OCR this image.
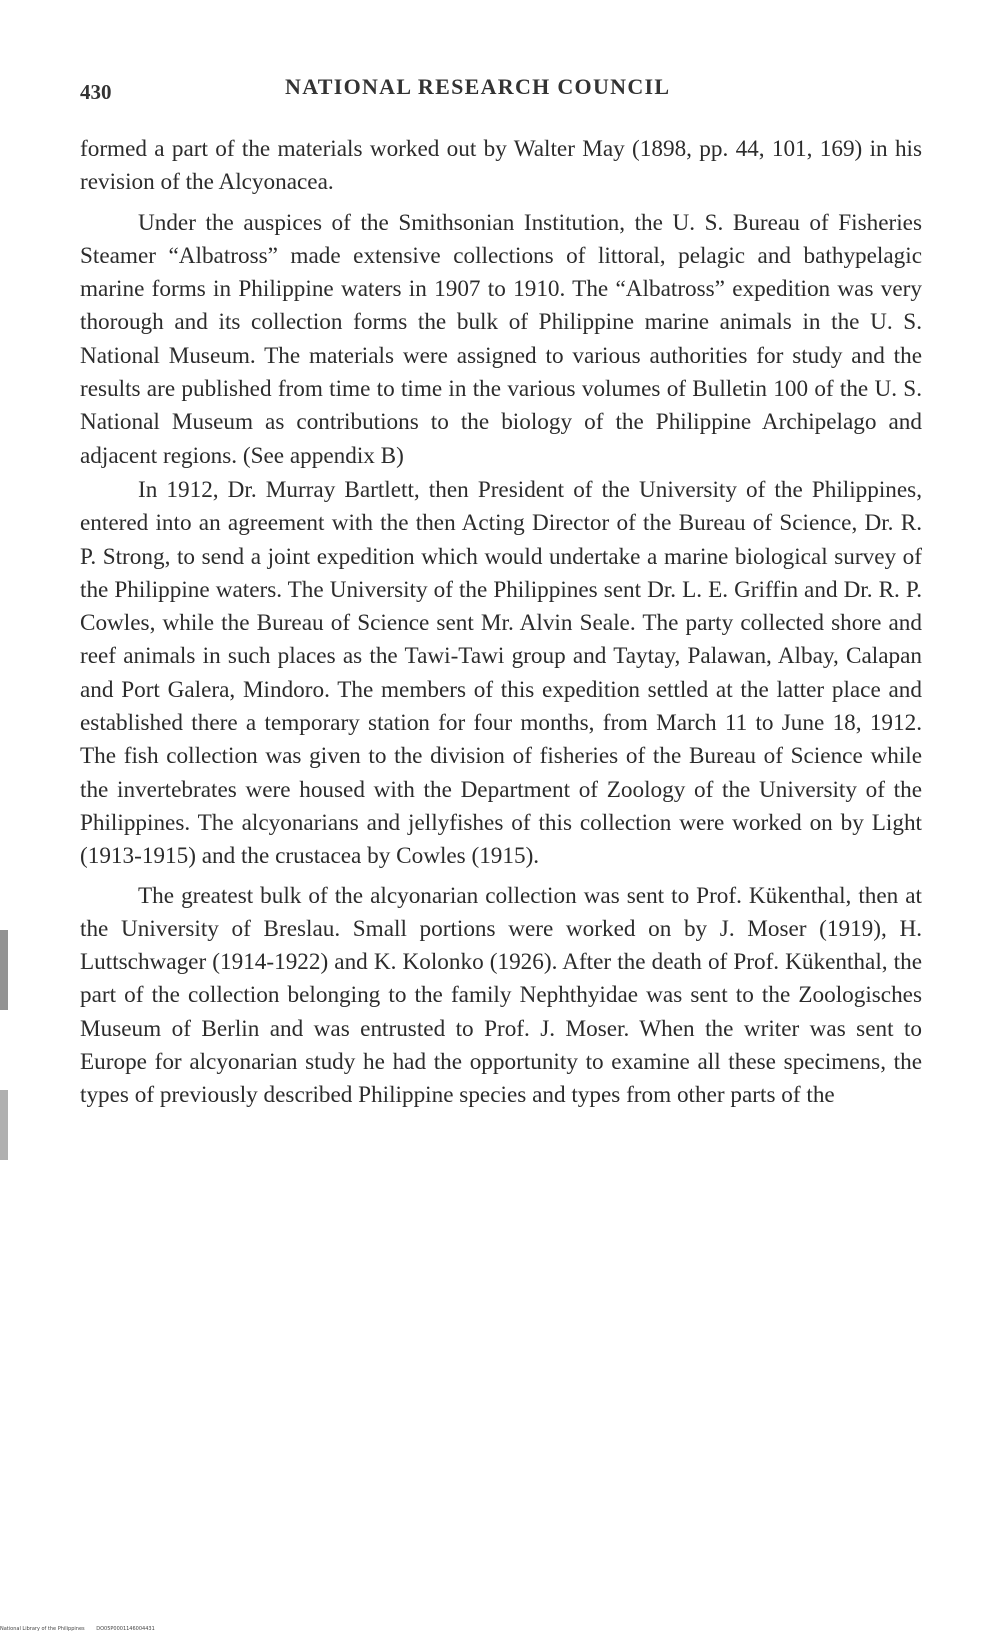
430	NATIONAL RESEARCH COUNCIL

formed a part of the materials worked out by Walter May (1898, pp. 44, 101, 169) in his revision of the Alcyonacea.

Under the auspices of the Smithsonian Institution, the U. S. Bureau of Fisheries Steamer “Albatross” made extensive collections of littoral, pelagic and bathypelagic marine forms in Philippine waters in 1907 to 1910. The “Albatross” expedition was very thorough and its collection forms the bulk of Philippine marine animals in the U. S. National Museum. The materials were assigned to various authorities for study and the results are published from time to time in the various volumes of Bulletin 100 of the U. S. National Museum as contributions to the biology of the Philippine Archipelago and adjacent regions. (See appendix B)

In 1912, Dr. Murray Bartlett, then President of the University of the Philippines, entered into an agreement with the then Acting Director of the Bureau of Science, Dr. R. P. Strong, to send a joint expedition which would undertake a marine biological survey of the Philippine waters. The University of the Philippines sent Dr. L. E. Griffin and Dr. R. P. Cowles, while the Bureau of Science sent Mr. Alvin Seale. The party collected shore and reef animals in such places as the Tawi-Tawi group and Taytay, Palawan, Albay, Calapan and Port Galera, Mindoro. The members of this expedition settled at the latter place and established there a temporary station for four months, from March 11 to June 18, 1912. The fish collection was given to the division of fisheries of the Bureau of Science while the invertebrates were housed with the Department of Zoology of the University of the Philippines. The alcyonarians and jellyfishes of this collection were worked on by Light (1913-1915) and the crustacea by Cowles (1915).

The greatest bulk of the alcyonarian collection was sent to Prof. Kükenthal, then at the University of Breslau. Small portions were worked on by J. Moser (1919), H. Luttschwager (1914-1922) and K. Kolonko (1926). After the death of Prof. Kükenthal, the part of the collection belonging to the family Nephthyidae was sent to the Zoologisches Museum of Berlin and was entrusted to Prof. J. Moser. When the writer was sent to Europe for alcyonarian study he had the opportunity to examine all these specimens, the types of previously described Philippine species and types from other parts of the

National Library of the Philippines DO05P0001146004431
